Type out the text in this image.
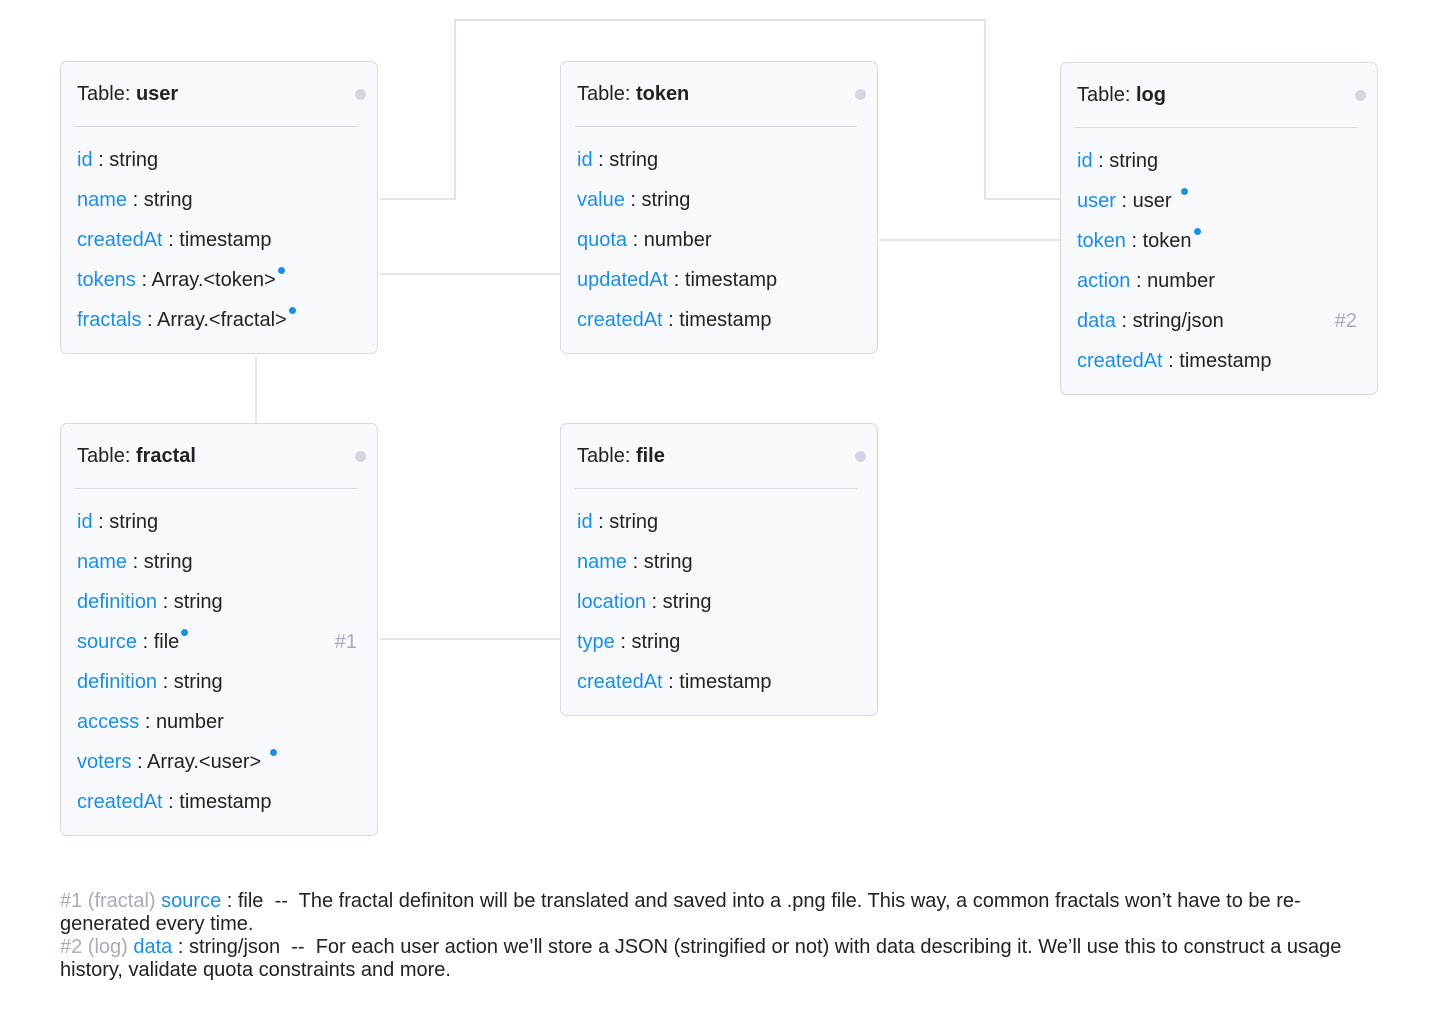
Table: user
id : string
name : string
createdAt : timestamp
tokens : Array.<token>
fractals : Array.<fractal>
Table: token
id : string
value : string
quota : number
updatedAt : timestamp
createdAt : timestamp
Table: log
id : string
user : user
token : token
action : number
data : string/json	#2
createdAt : timestamp
Table: fractal
id : string
name : string
definition : string
source : file	#1
definition : string
access : number
voters : Array.<user>
createdAt : timestamp
Table: file
id : string
name : string
location : string
type : string
createdAt : timestamp

#1 (fractal) source : file -- The fractal definiton will be translated and saved into a .png file. This way, a common fractals won’t have to be re-generated every time.

#2 (log) data : string/json -- For each user action we’ll store a JSON (stringified or not) with data describing it. We’ll use this to construct a usage history, validate quota constraints and more.
